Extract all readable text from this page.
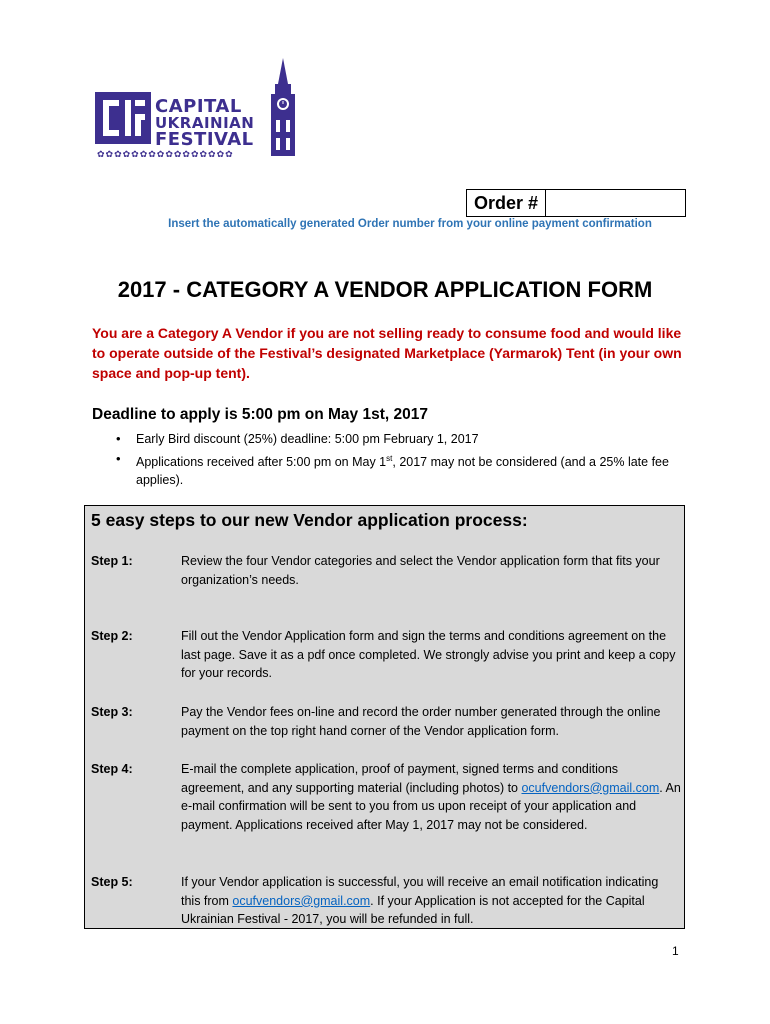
CAPITAL
UKRAINIAN
FESTIVAL
✿✿✿✿✿✿✿✿✿✿✿✿✿✿✿✿
Order #
Insert the automatically generated Order number from your online payment confirmation
2017 - CATEGORY A VENDOR APPLICATION FORM
You are a Category A Vendor if you are not selling ready to consume food and would like to operate outside of the Festival’s designated Marketplace (Yarmarok) Tent (in your own space and pop-up tent).
Deadline to apply is 5:00 pm on May 1st, 2017
• Early Bird discount (25%) deadline: 5:00 pm February 1, 2017
• Applications received after 5:00 pm on May 1st, 2017 may not be considered (and a 25% late fee applies).
5 easy steps to our new Vendor application process:
Step 1:	Review the four Vendor categories and select the Vendor application form that fits your organization’s needs.
Step 2:	Fill out the Vendor Application form and sign the terms and conditions agreement on the last page. Save it as a pdf once completed. We strongly advise you print and keep a copy for your records.
Step 3:	Pay the Vendor fees on-line and record the order number generated through the online payment on the top right hand corner of the Vendor application form.
Step 4:	E-mail the complete application, proof of payment, signed terms and conditions agreement, and any supporting material (including photos) to ocufvendors@gmail.com. An e-mail confirmation will be sent to you from us upon receipt of your application and payment. Applications received after May 1, 2017 may not be considered.
Step 5:	If your Vendor application is successful, you will receive an email notification indicating this from ocufvendors@gmail.com. If your Application is not accepted for the Capital Ukrainian Festival - 2017, you will be refunded in full.
1
